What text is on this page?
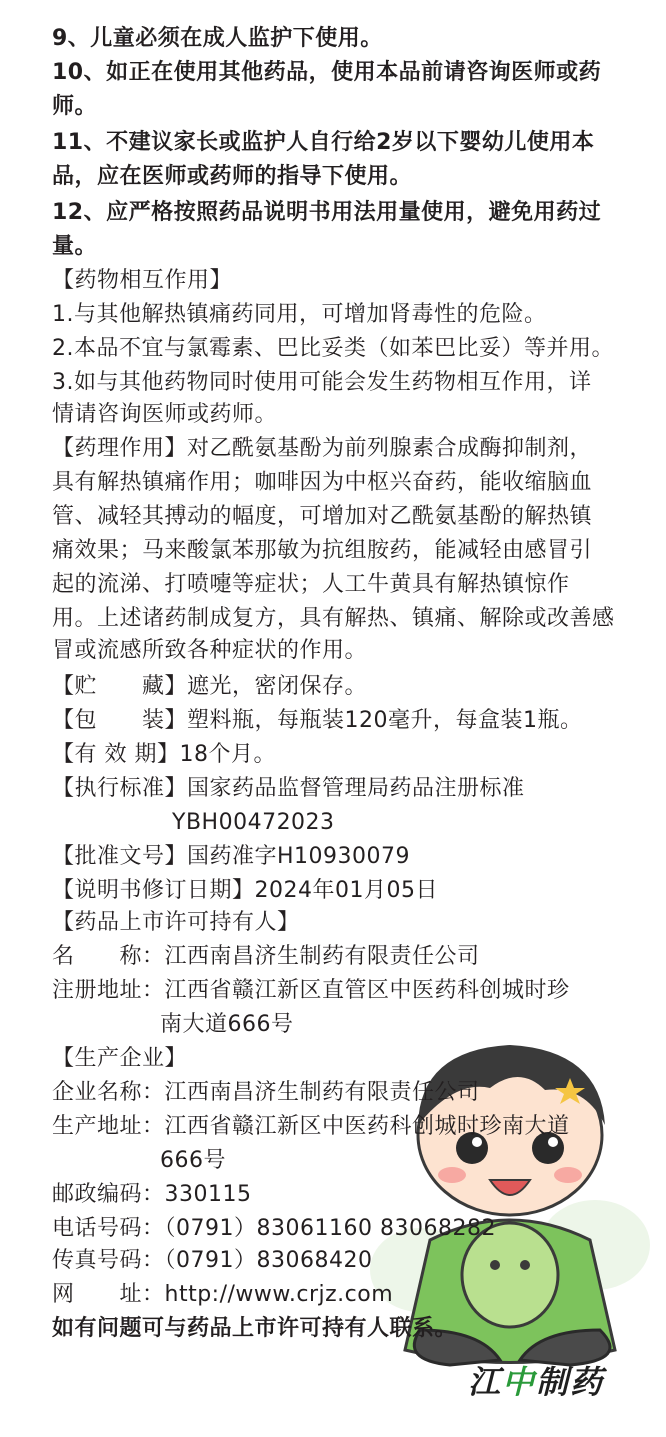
9、儿童必须在成人监护下使用。
10、如正在使用其他药品，使用本品前请咨询医师或药
师。
11、不建议家长或监护人自行给2岁以下婴幼儿使用本
品，应在医师或药师的指导下使用。
12、应严格按照药品说明书用法用量使用，避免用药过
量。
【药物相互作用】
1.与其他解热镇痛药同用，可增加肾毒性的危险。
2.本品不宜与氯霉素、巴比妥类（如苯巴比妥）等并用。
3.如与其他药物同时使用可能会发生药物相互作用，详
情请咨询医师或药师。
【药理作用】对乙酰氨基酚为前列腺素合成酶抑制剂，
具有解热镇痛作用；咖啡因为中枢兴奋药，能收缩脑血
管、减轻其搏动的幅度，可增加对乙酰氨基酚的解热镇
痛效果；马来酸氯苯那敏为抗组胺药，能减轻由感冒引
起的流涕、打喷嚏等症状；人工牛黄具有解热镇惊作
用。上述诸药制成复方，具有解热、镇痛、解除或改善感
冒或流感所致各种症状的作用。
【贮　　藏】遮光，密闭保存。
【包　　装】塑料瓶，每瓶装120毫升，每盒装1瓶。
【有 效 期】18个月。
【执行标准】国家药品监督管理局药品注册标准
YBH00472023
【批准文号】国药准字H10930079
【说明书修订日期】2024年01月05日
【药品上市许可持有人】
名　　称：江西南昌济生制药有限责任公司
注册地址：江西省赣江新区直管区中医药科创城时珍
南大道666号
【生产企业】
企业名称：江西南昌济生制药有限责任公司
生产地址：江西省赣江新区中医药科创城时珍南大道
666号
邮政编码：330115
电话号码：（0791）83061160 83068282
传真号码：（0791）83068420
网　　址：http://www.crjz.com
如有问题可与药品上市许可持有人联系。
江中制药
